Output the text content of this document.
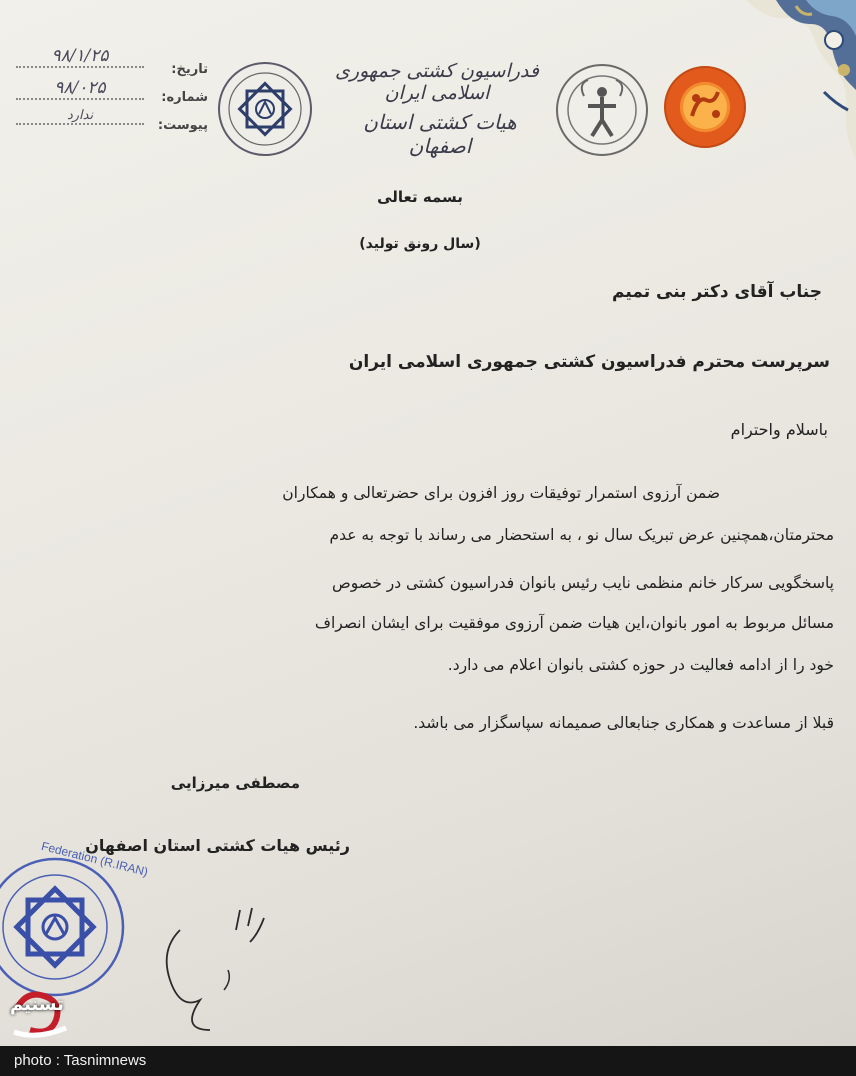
فدراسیون کشتی جمهوری اسلامی ایران
هیات کشتی استان اصفهان
تاریخ:
۹۸/۱/۲۵
شماره:
۹۸/۰۲۵
پیوست:
ندارد
بسمه تعالی
(سال رونق تولید)
جناب آقای دکتر بنی تمیم
سرپرست محترم فدراسیون کشتی جمهوری اسلامی ایران
باسلام واحترام
ضمن آرزوی استمرار توفیقات روز افزون برای حضرتعالی و همکاران
محترمتان،همچنین عرض تبریک سال نو ، به استحضار می رساند با توجه به عدم
پاسخگویی سرکار خانم منظمی نایب رئیس بانوان فدراسیون کشتی در خصوص
مسائل مربوط به امور بانوان،این هیات ضمن آرزوی موفقیت برای ایشان انصراف
خود را از ادامه فعالیت در حوزه کشتی بانوان اعلام می دارد.
قبلا از مساعدت و همکاری جنابعالی صمیمانه سپاسگزار می باشد.
مصطفی میرزایی
رئیس هیات کشتی استان اصفهان
Federation (R.IRAN)
تسنیم
photo : Tasnimnews
